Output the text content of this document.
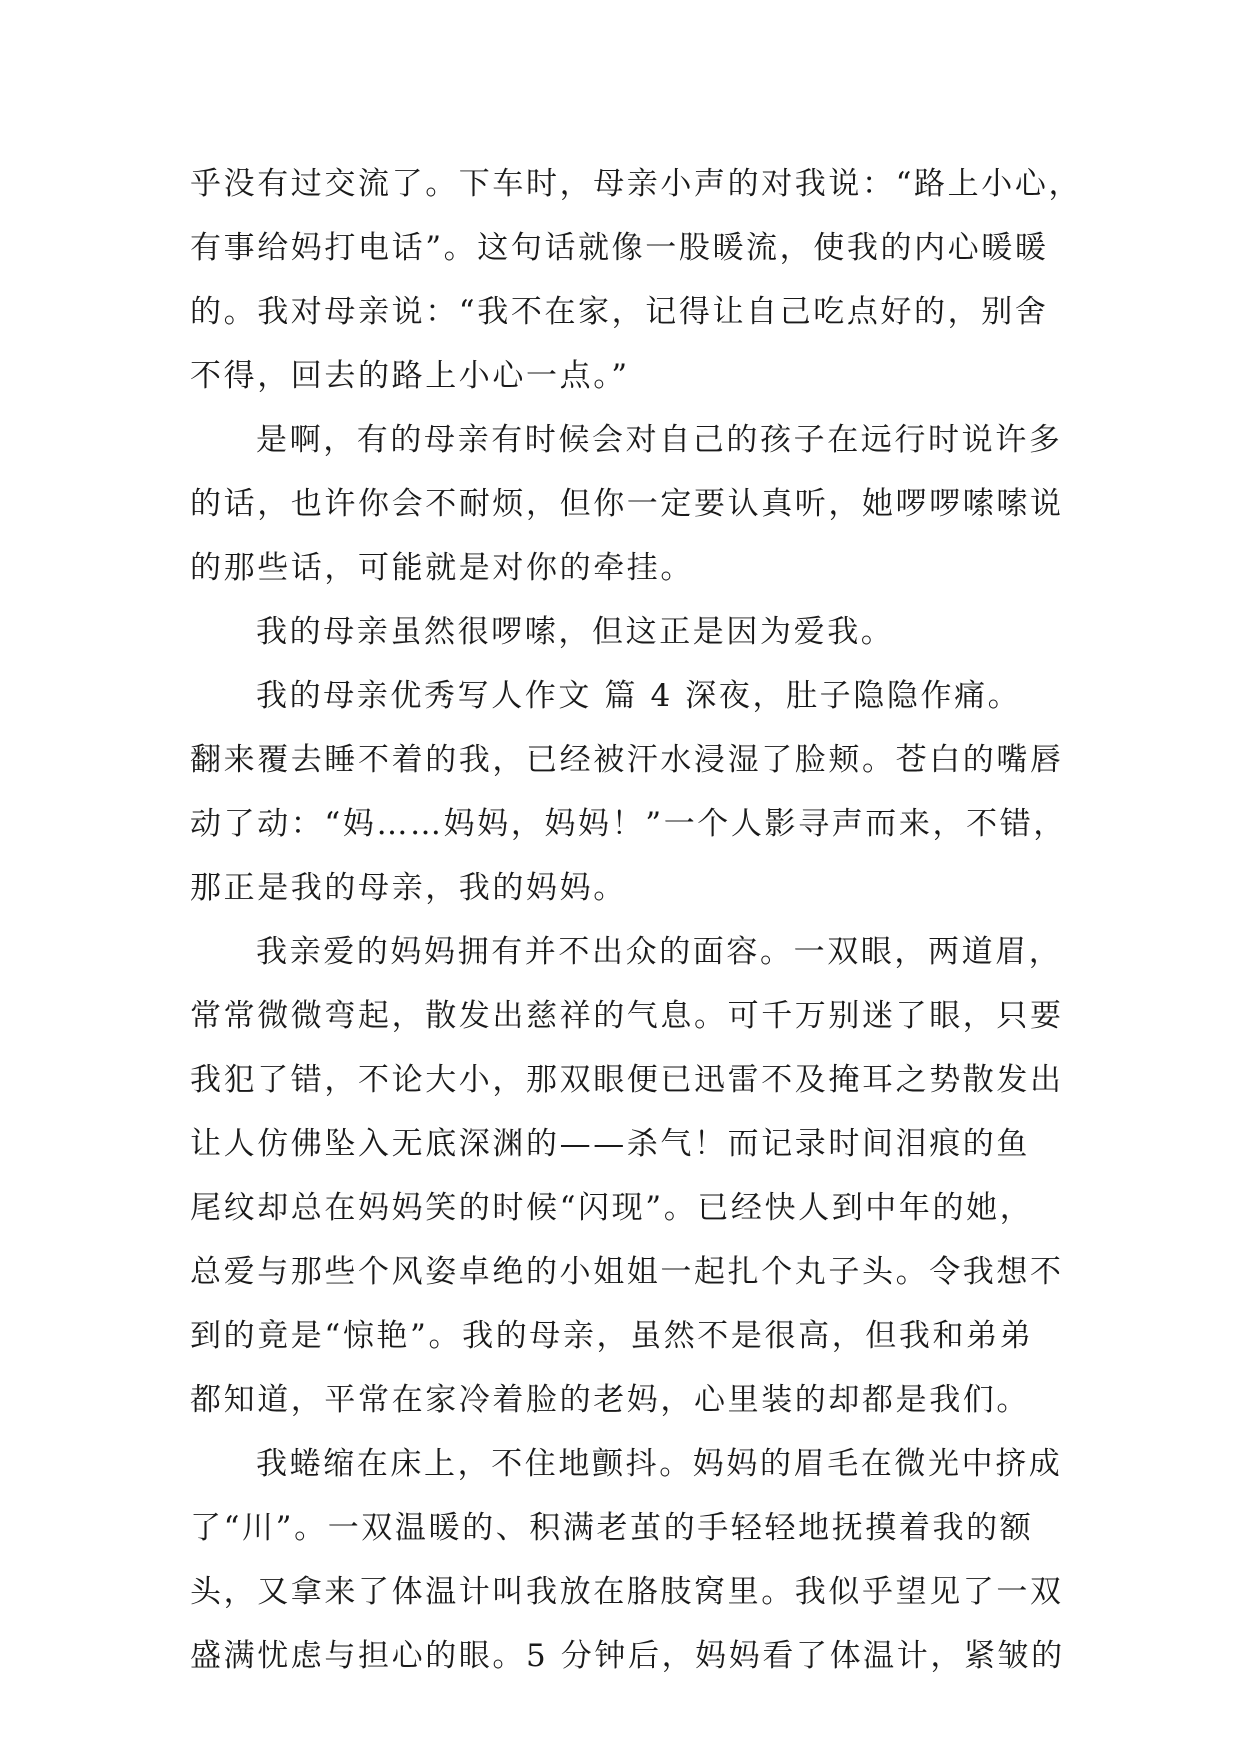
乎没有过交流了。下车时，母亲小声的对我说：“路上小心，
有事给妈打电话”。这句话就像一股暖流，使我的内心暖暖
的。我对母亲说：“我不在家，记得让自己吃点好的，别舍
不得，回去的路上小心一点。”
是啊，有的母亲有时候会对自己的孩子在远行时说许多
的话，也许你会不耐烦，但你一定要认真听，她啰啰嗦嗦说
的那些话，可能就是对你的牵挂。
我的母亲虽然很啰嗦，但这正是因为爱我。
我的母亲优秀写人作文 篇 4 深夜，肚子隐隐作痛。
翻来覆去睡不着的我，已经被汗水浸湿了脸颊。苍白的嘴唇
动了动：“妈……妈妈，妈妈！”一个人影寻声而来，不错，
那正是我的母亲，我的妈妈。
我亲爱的妈妈拥有并不出众的面容。一双眼，两道眉，
常常微微弯起，散发出慈祥的气息。可千万别迷了眼，只要
我犯了错，不论大小，那双眼便已迅雷不及掩耳之势散发出
让人仿佛坠入无底深渊的——杀气！而记录时间泪痕的鱼
尾纹却总在妈妈笑的时候“闪现”。已经快人到中年的她，
总爱与那些个风姿卓绝的小姐姐一起扎个丸子头。令我想不
到的竟是“惊艳”。我的母亲，虽然不是很高，但我和弟弟
都知道，平常在家冷着脸的老妈，心里装的却都是我们。
我蜷缩在床上，不住地颤抖。妈妈的眉毛在微光中挤成
了“川”。一双温暖的、积满老茧的手轻轻地抚摸着我的额
头，又拿来了体温计叫我放在胳肢窝里。我似乎望见了一双
盛满忧虑与担心的眼。5 分钟后，妈妈看了体温计，紧皱的
